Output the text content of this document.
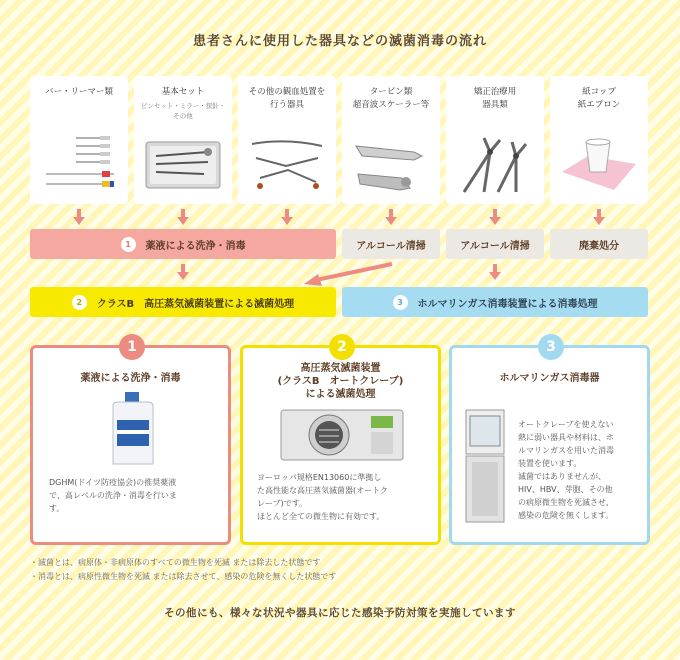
患者さんに使用した器具などの滅菌消毒の流れ
バー・リーマー類	基本セット
ピンセット・ミラー・探針・
その他
その他の観血処置を
行う器具
タービン類
超音波スケーラー等
矯正治療用
器具類
紙コップ
紙エプロン
1	薬液による洗浄・消毒	アルコール清掃	アルコール清掃	廃棄処分
2	クラスB　高圧蒸気滅菌装置による滅菌処理	3	ホルマリンガス消毒装置による消毒処理
1
薬液による洗浄・消毒
DGHM(ドイツ防疫協会)の推奨薬液
で、高レベルの洗浄・消毒を行いま
す。
2
高圧蒸気滅菌装置
(クラスB　オートクレーブ)
による滅菌処理
ヨーロッパ規格EN13060に準拠し
た高性能な高圧蒸気滅菌器(オートク
レーブ)です。
ほとんど全ての微生物に有効です。
3
ホルマリンガス消毒器
オートクレーブを使えない
熱に弱い器具や材料は、ホ
ルマリンガスを用いた消毒
装置を使います。
滅菌ではありませんが、
HIV、HBV、芽胞、その他
の病原微生物を死滅させ、
感染の危険を無くします。
・滅菌とは、病原体・非病原体のすべての微生物を死滅 または除去した状態です
・消毒とは、病原性微生物を死滅 または除去させて、感染の危険を無くした状態です
その他にも、様々な状況や器具に応じた感染予防対策を実施しています
